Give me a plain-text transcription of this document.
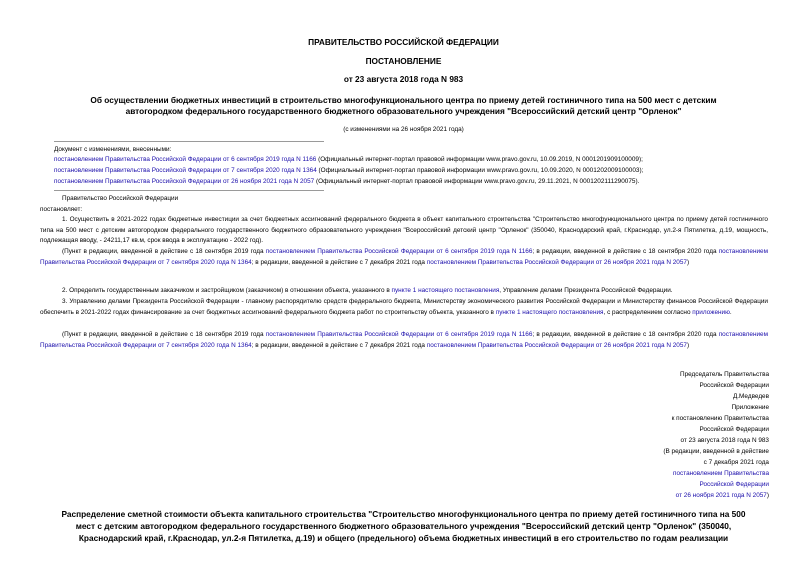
ПРАВИТЕЛЬСТВО РОССИЙСКОЙ ФЕДЕРАЦИИ
ПОСТАНОВЛЕНИЕ
от 23 августа 2018 года N 983
Об осуществлении бюджетных инвестиций в строительство многофункционального центра по приему детей гостиничного типа на 500 мест с детским
автогородком федерального государственного бюджетного образовательного учреждения "Всероссийский детский центр "Орленок"
(с изменениями на 26 ноября 2021 года)
Документ с изменениями, внесенными:
постановлением Правительства Российской Федерации от 6 сентября 2019 года N 1166 (Официальный интернет-портал правовой информации www.pravo.gov.ru, 10.09.2019, N 0001201909100009);
постановлением Правительства Российской Федерации от 7 сентября 2020 года N 1364 (Официальный интернет-портал правовой информации www.pravo.gov.ru, 10.09.2020, N 0001202009100003);
постановлением Правительства Российской Федерации от 26 ноября 2021 года N 2057 (Официальный интернет-портал правовой информации www.pravo.gov.ru, 29.11.2021, N 0001202111290075).
Правительство Российской Федерации
постановляет:
1. Осуществить в 2021-2022 годах бюджетные инвестиции за счет бюджетных ассигнований федерального бюджета в объект капитального строительства "Строительство многофункционального центра по приему детей гостиничного типа на 500 мест с детским автогородком федерального государственного бюджетного образовательного учреждения "Всероссийский детский центр "Орленок" (350040, Краснодарский край, г.Краснодар, ул.2-я Пятилетка, д.19, мощность, подлежащая вводу, - 24211,17 кв.м, срок ввода в эксплуатацию - 2022 год).
(Пункт в редакции, введенной в действие с 18 сентября 2019 года постановлением Правительства Российской Федерации от 6 сентября 2019 года N 1166; в редакции, введенной в действие с 18 сентября 2020 года постановлением Правительства Российской Федерации от 7 сентября 2020 года N 1364; в редакции, введенной в действие с 7 декабря 2021 года постановлением Правительства Российской Федерации от 26 ноября 2021 года N 2057)
2. Определить государственным заказчиком и застройщиком (заказчиком) в отношении объекта, указанного в пункте 1 настоящего постановления, Управление делами Президента Российской Федерации.
3. Управлению делами Президента Российской Федерации - главному распорядителю средств федерального бюджета, Министерству экономического развития Российской Федерации и Министерству финансов Российской Федерации обеспечить в 2021-2022 годах финансирование за счет бюджетных ассигнований федерального бюджета работ по строительству объекта, указанного в пункте 1 настоящего постановления, с распределением согласно приложению.
(Пункт в редакции, введенной в действие с 18 сентября 2019 года постановлением Правительства Российской Федерации от 6 сентября 2019 года N 1166; в редакции, введенной в действие с 18 сентября 2020 года постановлением Правительства Российской Федерации от 7 сентября 2020 года N 1364; в редакции, введенной в действие с 7 декабря 2021 года постановлением Правительства Российской Федерации от 26 ноября 2021 года N 2057)
Председатель Правительства
Российской Федерации
Д.Медведев
Приложение
к постановлению Правительства
Российской Федерации
от 23 августа 2018 года N 983
(В редакции, введенной в действие
с 7 декабря 2021 года
постановлением Правительства
Российской Федерации
от 26 ноября 2021 года N 2057)
Распределение сметной стоимости объекта капитального строительства "Строительство многофункционального центра по приему детей гостиничного типа на 500
мест с детским автогородком федерального государственного бюджетного образовательного учреждения "Всероссийский детский центр "Орленок" (350040,
Краснодарский край, г.Краснодар, ул.2-я Пятилетка, д.19) и общего (предельного) объема бюджетных инвестиций в его строительство по годам реализации
